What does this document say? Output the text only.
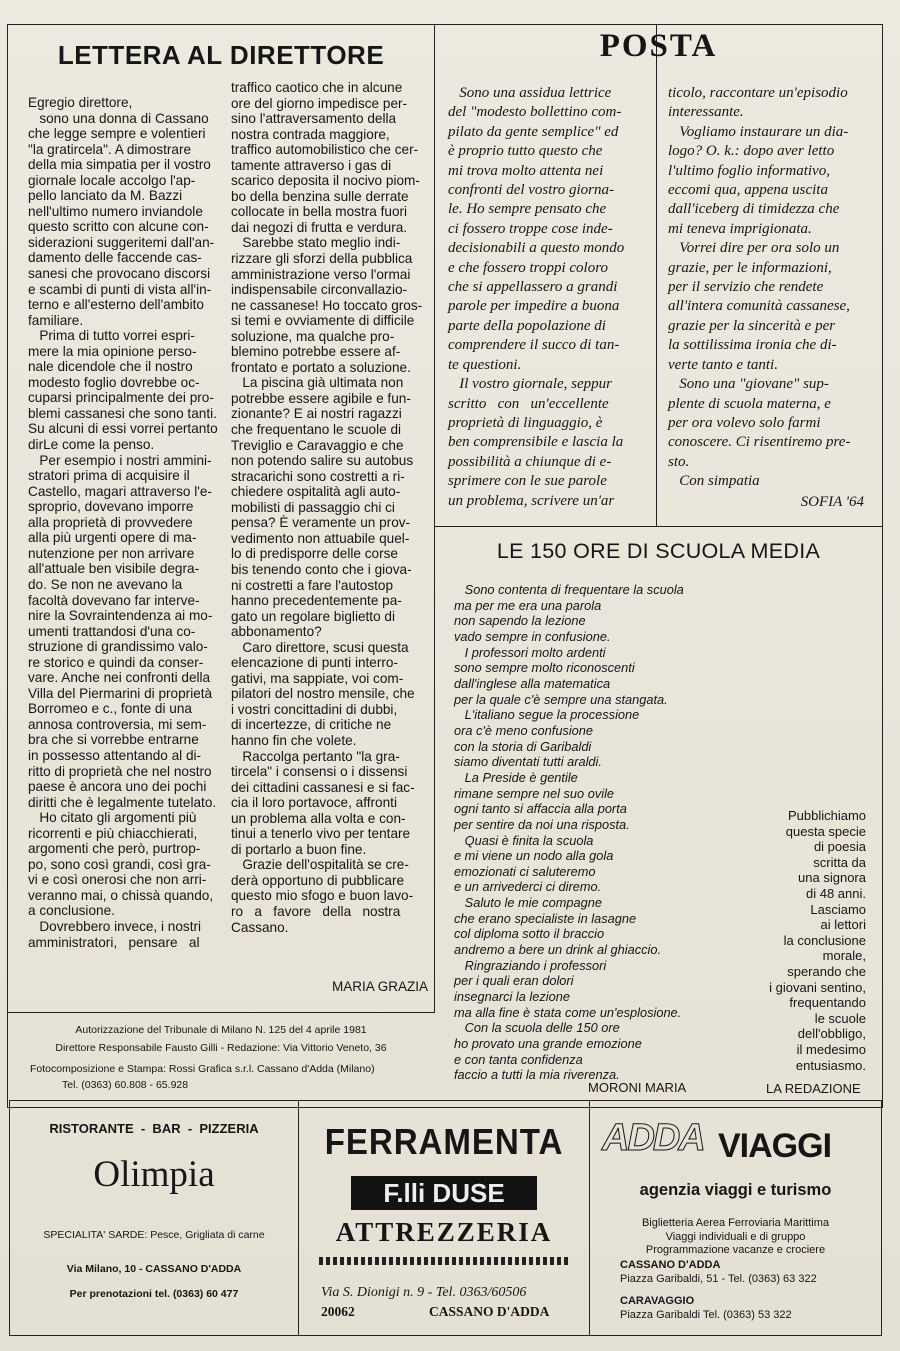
LETTERA AL DIRETTORE
Egregio direttore,
sono una donna di Cassano
che legge sempre e volentieri
"la gratircela". A dimostrare
della mia simpatia per il vostro
giornale locale accolgo l'ap-
pello lanciato da M. Bazzi
nell'ultimo numero inviandole
questo scritto con alcune con-
siderazioni suggeritemi dall'an-
damento delle faccende cas-
sanesi che provocano discorsi
e scambi di punti di vista all'in-
terno e all'esterno dell'ambito
familiare.
Prima di tutto vorrei espri-
mere la mia opinione perso-
nale dicendole che il nostro
modesto foglio dovrebbe oc-
cuparsi principalmente dei pro-
blemi cassanesi che sono tanti.
Su alcuni di essi vorrei pertanto
dirLe come la penso.
Per esempio i nostri ammini-
stratori prima di acquisire il
Castello, magari attraverso l'e-
sproprio, dovevano imporre
alla proprietà di provvedere
alla più urgenti opere di ma-
nutenzione per non arrivare
all'attuale ben visibile degra-
do. Se non ne avevano la
facoltà dovevano far interve-
nire la Sovraintendenza ai mo-
umenti trattandosi d'una co-
struzione di grandissimo valo-
re storico e quindi da conser-
vare. Anche nei confronti della
Villa del Piermarini di proprietà
Borromeo e c., fonte di una
annosa controversia, mi sem-
bra che si vorrebbe entrarne
in possesso attentando al di-
ritto di proprietà che nel nostro
paese è ancora uno dei pochi
diritti che è legalmente tutelato.
Ho citato gli argomenti più
ricorrenti e più chiacchierati,
argomenti che però, purtrop-
po, sono così grandi, così gra-
vi e così onerosi che non arri-
veranno mai, o chissà quando,
a conclusione.
Dovrebbero invece, i nostri
amministratori,   pensare   al
traffico caotico che in alcune
ore del giorno impedisce per-
sino l'attraversamento della
nostra contrada maggiore,
traffico automobilistico che cer-
tamente attraverso i gas di
scarico deposita il nocivo piom-
bo della benzina sulle derrate
collocate in bella mostra fuori
dai negozi di frutta e verdura.
Sarebbe stato meglio indi-
rizzare gli sforzi della pubblica
amministrazione verso l'ormai
indispensabile circonvallazio-
ne cassanese! Ho toccato gros-
si temi e ovviamente di difficile
soluzione, ma qualche pro-
blemino potrebbe essere af-
frontato e portato a soluzione.
La piscina già ultimata non
potrebbe essere agibile e fun-
zionante? E ai nostri ragazzi
che frequentano le scuole di
Treviglio e Caravaggio e che
non potendo salire su autobus
stracarichi sono costretti a ri-
chiedere ospitalità agli auto-
mobilisti di passaggio chi ci
pensa? È veramente un prov-
vedimento non attuabile quel-
lo di predisporre delle corse
bis tenendo conto che i giova-
ni costretti a fare l'autostop
hanno precedentemente pa-
gato un regolare biglietto di
abbonamento?
Caro direttore, scusi questa
elencazione di punti interro-
gativi, ma sappiate, voi com-
pilatori del nostro mensile, che
i vostri concittadini di dubbi,
di incertezze, di critiche ne
hanno fin che volete.
Raccolga pertanto "la gra-
tircela" i consensi o i dissensi
dei cittadini cassanesi e si fac-
cia il loro portavoce, affronti
un problema alla volta e con-
tinui a tenerlo vivo per tentare
di portarlo a buon fine.
Grazie dell'ospitalità se cre-
derà opportuno di pubblicare
questo mio sfogo e buon lavo-
ro   a   favore   della   nostra
Cassano.
MARIA GRAZIA
POSTA
Sono una assidua lettrice
del "modesto bollettino com-
pilato da gente semplice" ed
è proprio tutto questo che
mi trova molto attenta nei
confronti del vostro giorna-
le. Ho sempre pensato che
ci fossero troppe cose inde-
decisionabili a questo mondo
e che fossero troppi coloro
che si appellassero a grandi
parole per impedire a buona
parte della popolazione di
comprendere il succo di tan-
te questioni.
Il vostro giornale, seppur
scritto   con   un'eccellente
proprietà di linguaggio, è
ben comprensibile e lascia la
possibilità a chiunque di e-
sprimere con le sue parole
un problema, scrivere un'ar
ticolo, raccontare un'episodio
interessante.
Vogliamo instaurare un dia-
logo? O. k.: dopo aver letto
l'ultimo foglio informativo,
eccomi qua, appena uscita
dall'iceberg di timidezza che
mi teneva imprigionata.
Vorrei dire per ora solo un
grazie, per le informazioni,
per il servizio che rendete
all'intera comunità cassanese,
grazie per la sincerità e per
la sottilissima ironia che di-
verte tanto e tanti.
Sono una "giovane" sup-
plente di scuola materna, e
per ora volevo solo farmi
conoscere. Ci risentiremo pre-
sto.
Con simpatia
SOFIA '64
LE 150 ORE DI SCUOLA MEDIA
Sono contenta di frequentare la scuola
ma per me era una parola
non sapendo la lezione
vado sempre in confusione.
I professori molto ardenti
sono sempre molto riconoscenti
dall'inglese alla matematica
per la quale c'è sempre una stangata.
L'italiano segue la processione
ora c'è meno confusione
con la storia di Garibaldi
siamo diventati tutti araldi.
La Preside è gentile
rimane sempre nel suo ovile
ogni tanto si affaccia alla porta
per sentire da noi una risposta.
Quasi è finita la scuola
e mi viene un nodo alla gola
emozionati ci saluteremo
e un arrivederci ci diremo.
Saluto le mie compagne
che erano specialiste in lasagne
col diploma sotto il braccio
andremo a bere un drink al ghiaccio.
Ringraziando i professori
per i quali eran dolori
insegnarci la lezione
ma alla fine è stata come un'esplosione.
Con la scuola delle 150 ore
ho provato una grande emozione
e con tanta confidenza
faccio a tutti la mia riverenza.
Pubblichiamo
questa specie
di poesia
scritta da
una signora
di 48 anni.
Lasciamo
ai lettori
la conclusione
morale,
sperando che
i giovani sentino,
frequentando
le scuole
dell'obbligo,
il medesimo
entusiasmo.
MORONI MARIA	LA REDAZIONE
Autorizzazione del Tribunale di Milano N. 125 del 4 aprile 1981
Direttore Responsabile Fausto Gilli - Redazione: Via Vittorio Veneto, 36
Fotocomposizione e Stampa: Rossi Grafica s.r.l. Cassano d'Adda (Milano)
Tel. (0363) 60.808 - 65.928
RISTORANTE  -  BAR  -  PIZZERIA
Olimpia
SPECIALITA' SARDE: Pesce, Grigliata di carne
Via Milano, 10 - CASSANO D'ADDA
Per prenotazioni tel. (0363) 60 477
FERRAMENTA
F.lli DUSE
ATTREZZERIA
Via S. Dionigi n. 9 - Tel. 0363/60506
20062	CASSANO D'ADDA
ADDA VIAGGI
agenzia viaggi e turismo
Biglietteria Aerea Ferroviaria Marittima
Viaggi individuali e di gruppo
Programmazione vacanze e crociere
CASSANO D'ADDA
Piazza Garibaldi, 51 - Tel. (0363) 63 322
CARAVAGGIO
Piazza Garibaldi Tel. (0363) 53 322
